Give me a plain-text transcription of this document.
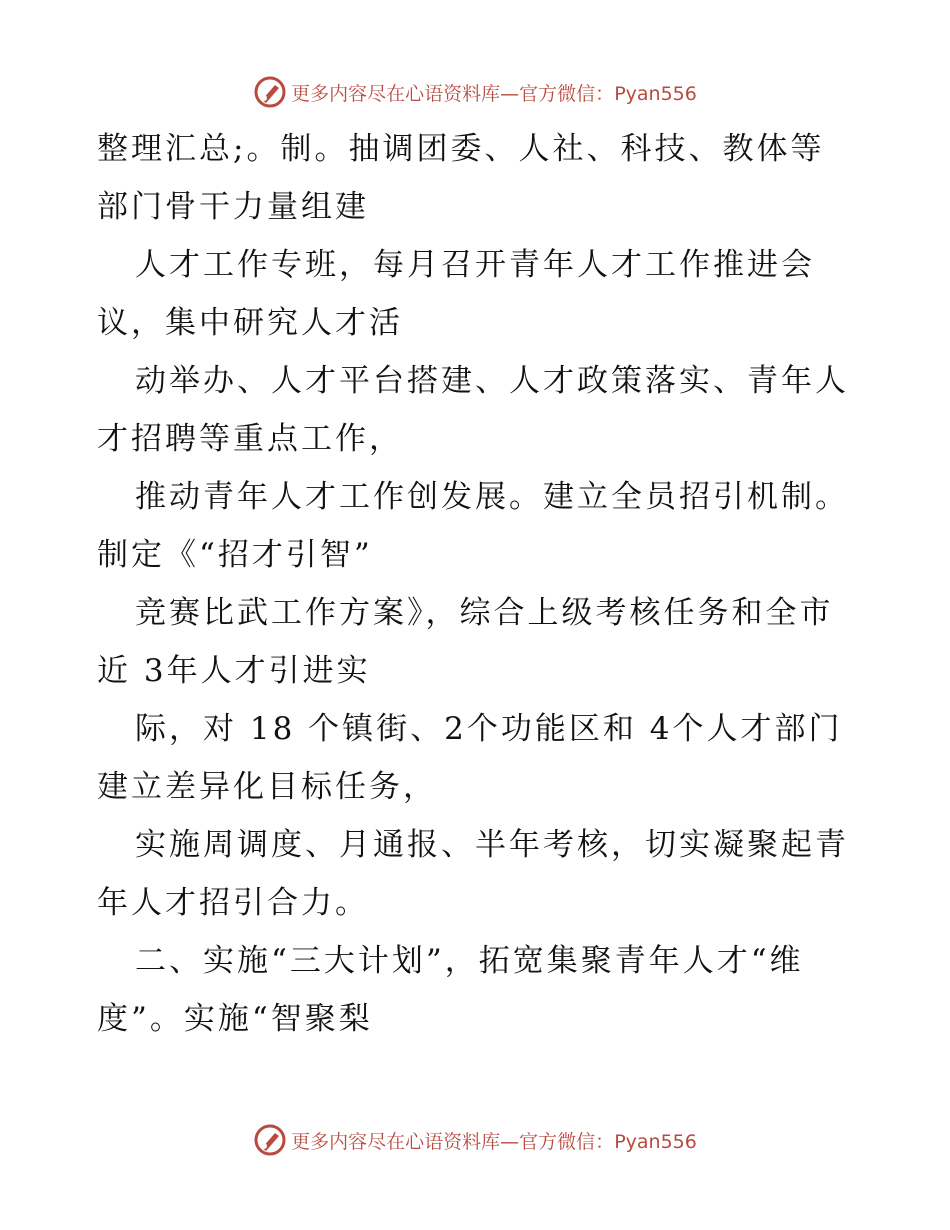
更多内容尽在心语资料库—官方微信：Pyan556
整理汇总;。制。抽调团委、人社、科技、教体等
部门骨干力量组建
人才工作专班，每月召开青年人才工作推进会
议，集中研究人才活
动举办、人才平台搭建、人才政策落实、青年人
才招聘等重点工作，
推动青年人才工作创发展。建立全员招引机制。
制定《“招才引智”
竞赛比武工作方案》，综合上级考核任务和全市
近 3年人才引进实
际，对 18 个镇街、2个功能区和 4个人才部门
建立差异化目标任务，
实施周调度、月通报、半年考核，切实凝聚起青
年人才招引合力。
二、实施“三大计划”，拓宽集聚青年人才“维
度”。实施“智聚梨
更多内容尽在心语资料库—官方微信：Pyan556
